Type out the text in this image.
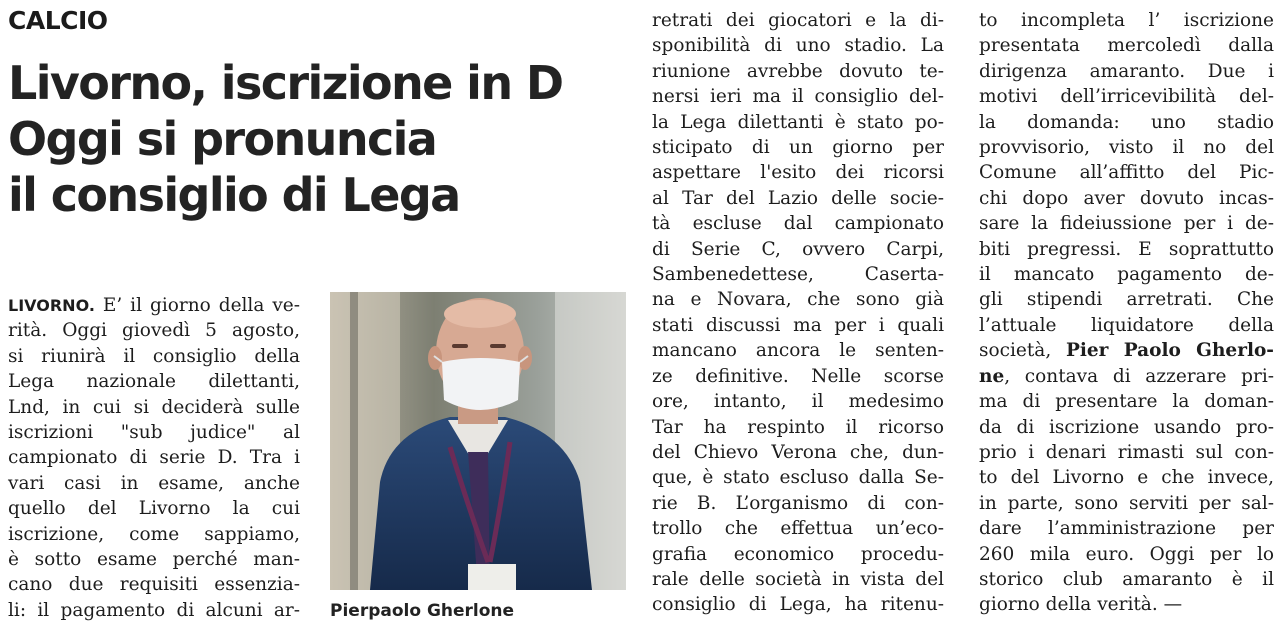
CALCIO
Livorno, iscrizione in D
Oggi si pronuncia
il consiglio di Lega
LIVORNO. E’ il giorno della ve-
rità. Oggi giovedì 5 agosto,
si riunirà il consiglio della
Lega nazionale dilettanti,
Lnd, in cui si deciderà sulle
iscrizioni "sub judice" al
campionato di serie D. Tra i
vari casi in esame, anche
quello del Livorno la cui
iscrizione, come sappiamo,
è sotto esame perché man-
cano due requisiti essenzia-
li: il pagamento di alcuni ar- Pierpaolo Gherlone

retrati dei giocatori e la di-
sponibilità di uno stadio. La
riunione avrebbe dovuto te-
nersi ieri ma il consiglio del-
la Lega dilettanti è stato po-
sticipato di un giorno per
aspettare l'esito dei ricorsi
al Tar del Lazio delle socie-
tà escluse dal campionato
di Serie C, ovvero Carpi,
Sambenedettese, Caserta-
na e Novara, che sono già
stati discussi ma per i quali
mancano ancora le senten-
ze definitive. Nelle scorse
ore, intanto, il medesimo
Tar ha respinto il ricorso
del Chievo Verona che, dun-
que, è stato escluso dalla Se-
rie B. L’organismo di con-
trollo che effettua un’eco-
grafia economico procedu-
rale delle società in vista del
consiglio di Lega, ha ritenu-
to incompleta l’ iscrizione
presentata mercoledì dalla
dirigenza amaranto. Due i
motivi dell’irricevibilità del-
la domanda: uno stadio
provvisorio, visto il no del
Comune all’affitto del Pic-
chi dopo aver dovuto incas-
sare la fideiussione per i de-
biti pregressi. E soprattutto
il mancato pagamento de-
gli stipendi arretrati. Che
l’attuale liquidatore della
società, Pier Paolo Gherlo-
ne, contava di azzerare pri-
ma di presentare la doman-
da di iscrizione usando pro-
prio i denari rimasti sul con-
to del Livorno e che invece,
in parte, sono serviti per sal-
dare l’amministrazione per
260 mila euro. Oggi per lo
storico club amaranto è il
giorno della verità. —
